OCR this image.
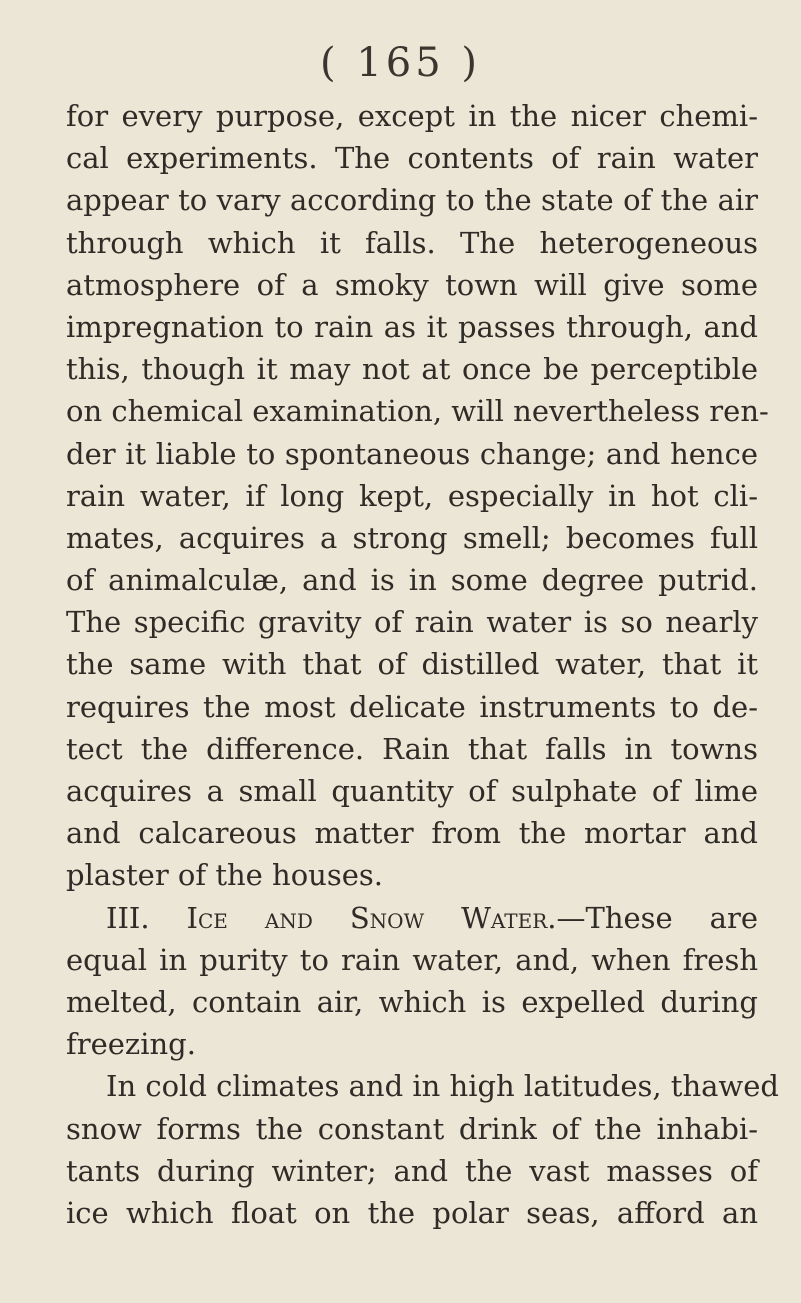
( 165 )
for every purpose, except in the nicer chemi-
cal experiments. The contents of rain water
appear to vary according to the state of the air
through which it falls. The heterogeneous
atmosphere of a smoky town will give some
impregnation to rain as it passes through, and
this, though it may not at once be perceptible
on chemical examination, will nevertheless ren-
der it liable to spontaneous change; and hence
rain water, if long kept, especially in hot cli-
mates, acquires a strong smell; becomes full
of animalculæ, and is in some degree putrid.
The specific gravity of rain water is so nearly
the same with that of distilled water, that it
requires the most delicate instruments to de-
tect the difference. Rain that falls in towns
acquires a small quantity of sulphate of lime
and calcareous matter from the mortar and
plaster of the houses.
III. Ice and Snow Water.—These are
equal in purity to rain water, and, when fresh
melted, contain air, which is expelled during
freezing.
In cold climates and in high latitudes, thawed
snow forms the constant drink of the inhabi-
tants during winter; and the vast masses of
ice which float on the polar seas, afford an
